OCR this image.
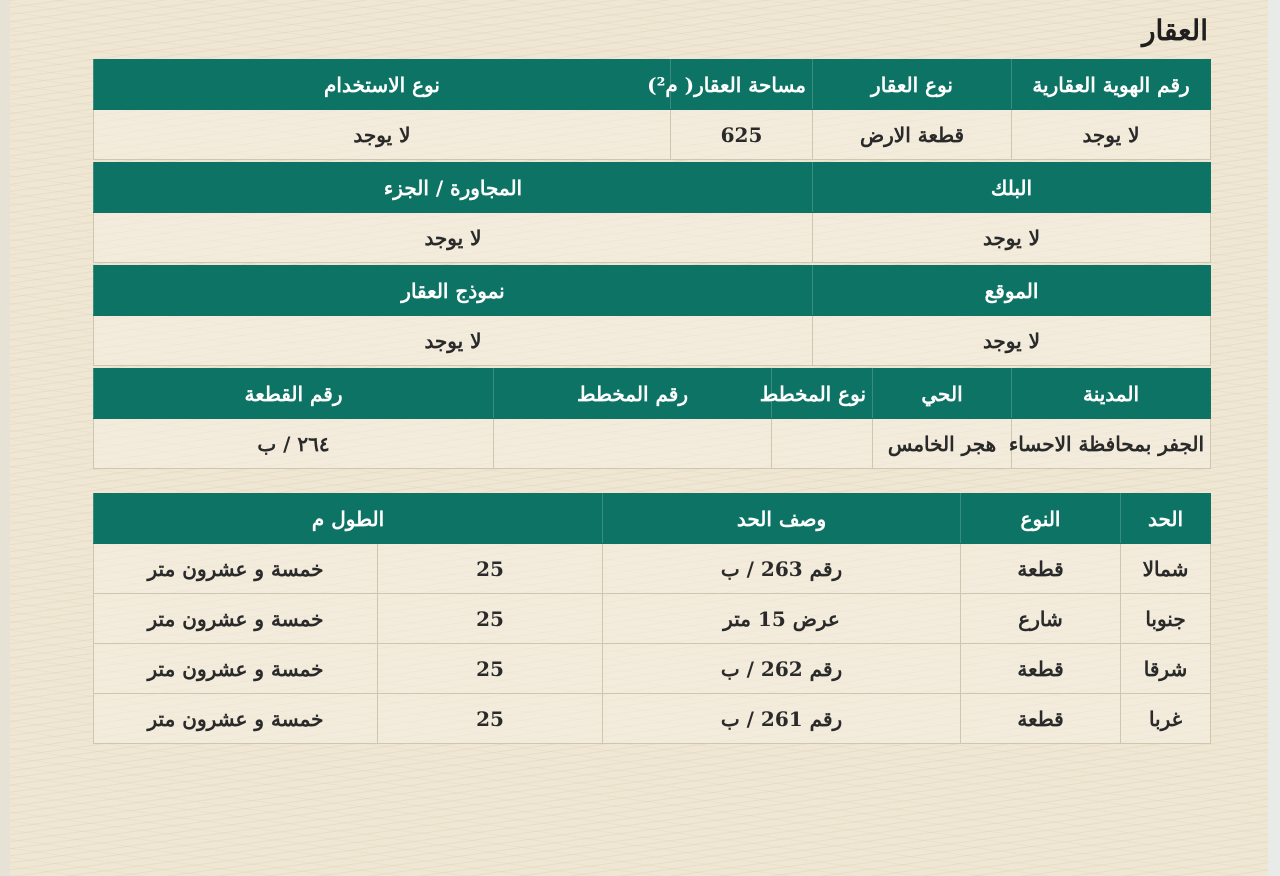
العقار
رقم الهوية العقارية	نوع العقار		مساحة العقار( م²)		نوع الاستخدام	
لا يوجد	قطعة الارض		625		لا يوجد	

البلك			المجاورة / الجزء			
لا يوجد			لا يوجد			

الموقع			نموذج العقار			
لا يوجد			لا يوجد			

المدينة	الحي	نوع المخطط		رقم المخطط		رقم القطعة
الجفر بمحافظة الاحساء	هجر الخامس					٢٦٤ / ب
الحد	النوع	وصف الحد	الطول م	
شمالا	قطعة	رقم 263 / ب	25	خمسة و عشرون متر
جنوبا	شارع	عرض 15 متر	25	خمسة و عشرون متر
شرقا	قطعة	رقم 262 / ب	25	خمسة و عشرون متر
غربا	قطعة	رقم 261 / ب	25	خمسة و عشرون متر
